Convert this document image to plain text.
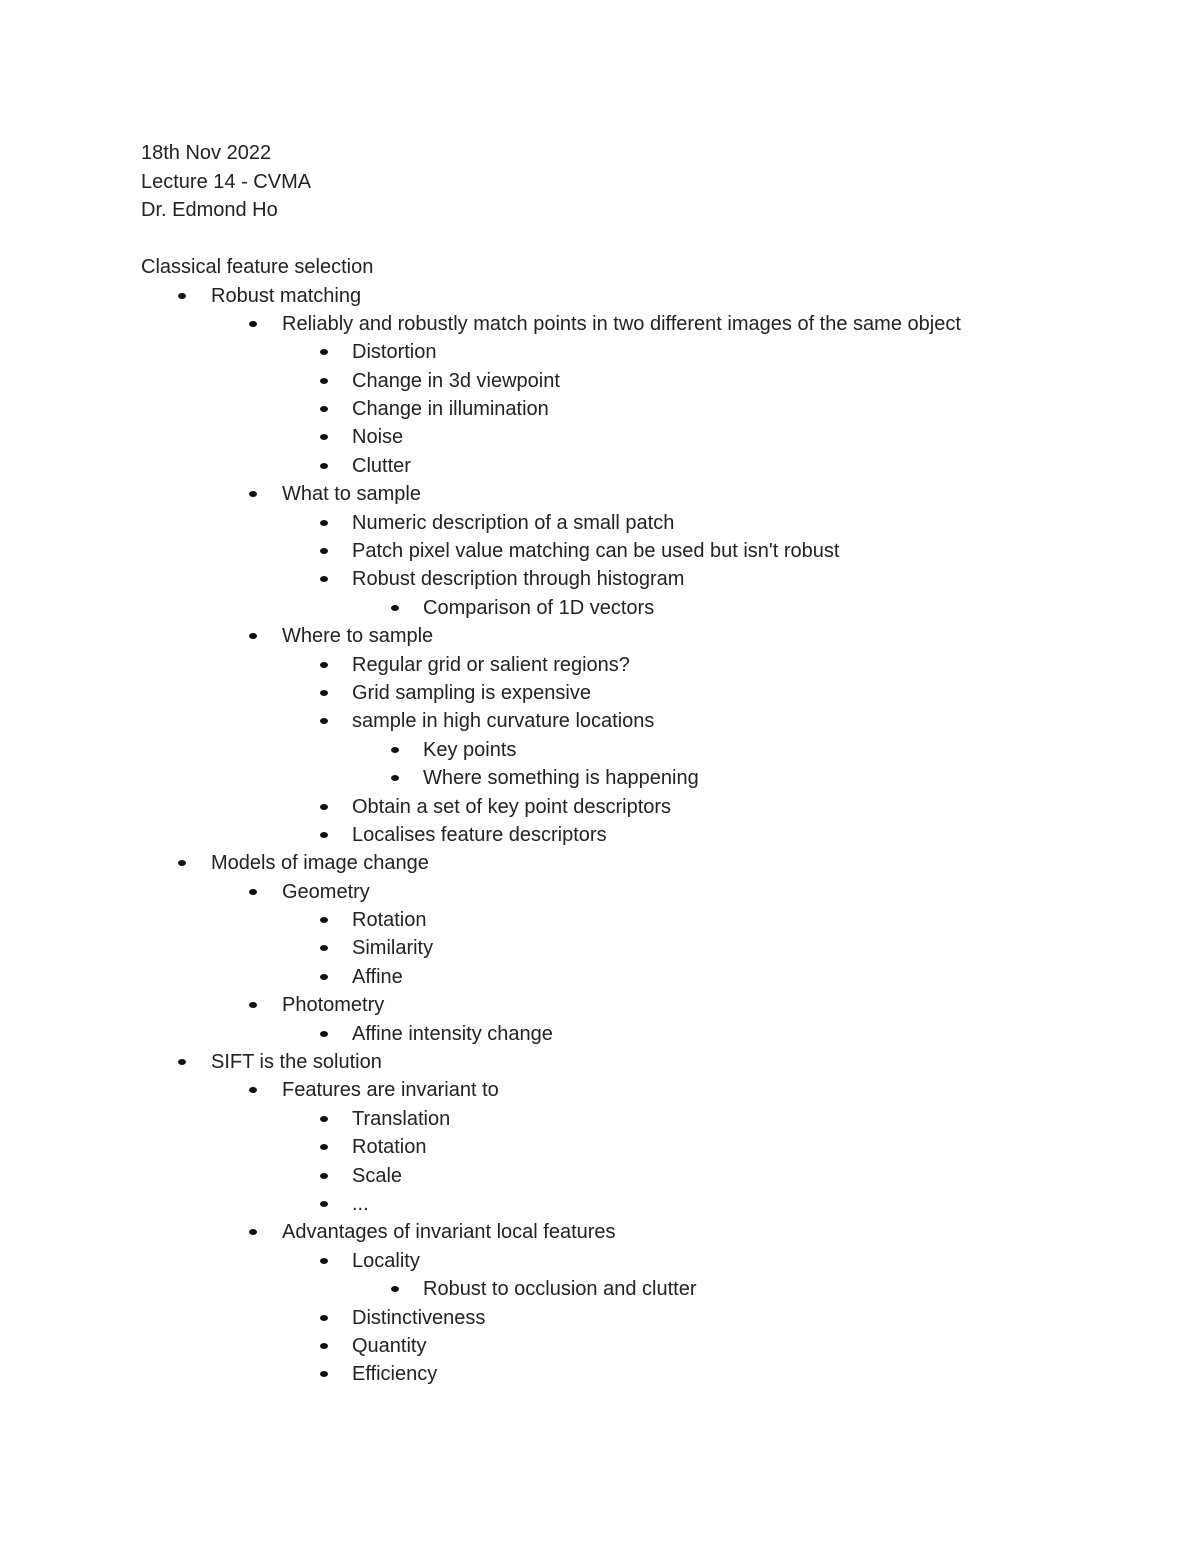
18th Nov 2022
Lecture 14 - CVMA
Dr. Edmond Ho
Classical feature selection
Robust matching
Reliably and robustly match points in two different images of the same object
Distortion
Change in 3d viewpoint
Change in illumination
Noise
Clutter
What to sample
Numeric description of a small patch
Patch pixel value matching can be used but isn't robust
Robust description through histogram
Comparison of 1D vectors
Where to sample
Regular grid or salient regions?
Grid sampling is expensive
sample in high curvature locations
Key points
Where something is happening
Obtain a set of key point descriptors
Localises feature descriptors
Models of image change
Geometry
Rotation
Similarity
Affine
Photometry
Affine intensity change
SIFT is the solution
Features are invariant to
Translation
Rotation
Scale
...
Advantages of invariant local features
Locality
Robust to occlusion and clutter
Distinctiveness
Quantity
Efficiency
